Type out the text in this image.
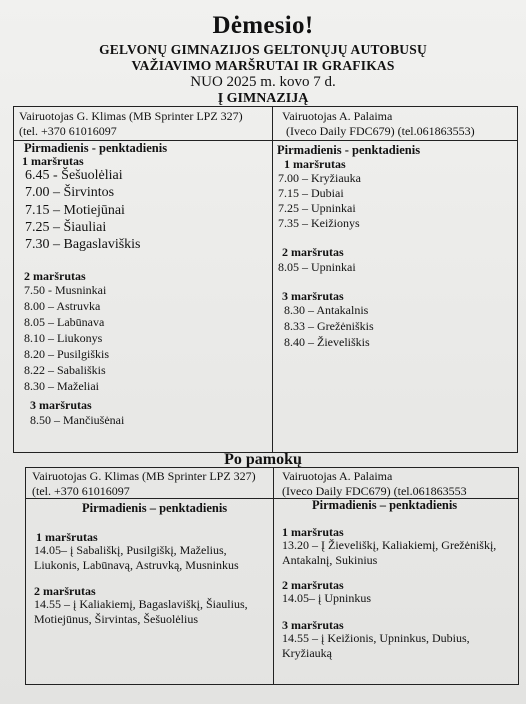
Dėmesio!
GELVONŲ GIMNAZIJOS GELTONŲJŲ AUTOBUSŲ
VAŽIAVIMO MARŠRUTAI IR GRAFIKAS
NUO 2025 m. kovo 7 d.
Į GIMNAZIJĄ
Vairuotojas G. Klimas (MB Sprinter LPZ 327)
(tel. +370 61016097
Pirmadienis - penktadienis
1 maršrutas
6.45 - Šešuolėliai
7.00 – Širvintos
7.15 – Motiejūnai
7.25 – Šiauliai
7.30 – Bagaslaviškis
2 maršrutas
7.50 - Musninkai
8.00 – Astruvka
8.05 – Labūnava
8.10 – Liukonys
8.20 – Pusilgiškis
8.22 – Sabališkis
8.30 – Maželiai
3 maršrutas
8.50 – Mančiušėnai
Vairuotojas A. Palaima
(Iveco Daily FDC679) (tel.061863553)
Pirmadienis - penktadienis
1 maršrutas
7.00 – Kryžiauka
7.15 – Dubiai
7.25 – Upninkai
7.35 – Keižionys
2 maršrutas
8.05 – Upninkai
3 maršrutas
8.30 – Antakalnis
8.33 – Grežėniškis
8.40 – Žieveliškis
Po pamokų
Vairuotojas G. Klimas (MB Sprinter LPZ 327)
(tel. +370 61016097
Pirmadienis – penktadienis
1 maršrutas
14.05– į Sabališkį, Pusilgiškį, Maželius, Liukonis, Labūnavą, Astruvką, Musninkus
2 maršrutas
14.55 – į Kaliakiemį, Bagaslaviškį, Šiaulius, Motiejūnus, Širvintas, Šešuolėlius
Vairuotojas A. Palaima
(Iveco Daily FDC679) (tel.061863553
Pirmadienis – penktadienis
1 maršrutas
13.20 – Į Žieveliškį, Kaliakiemį, Grežėniškį, Antakalnį, Sukinius
2 maršrutas
14.05– į Upninkus
3 maršrutas
14.55 – į Keižionis, Upninkus, Dubius, Kryžiauką
